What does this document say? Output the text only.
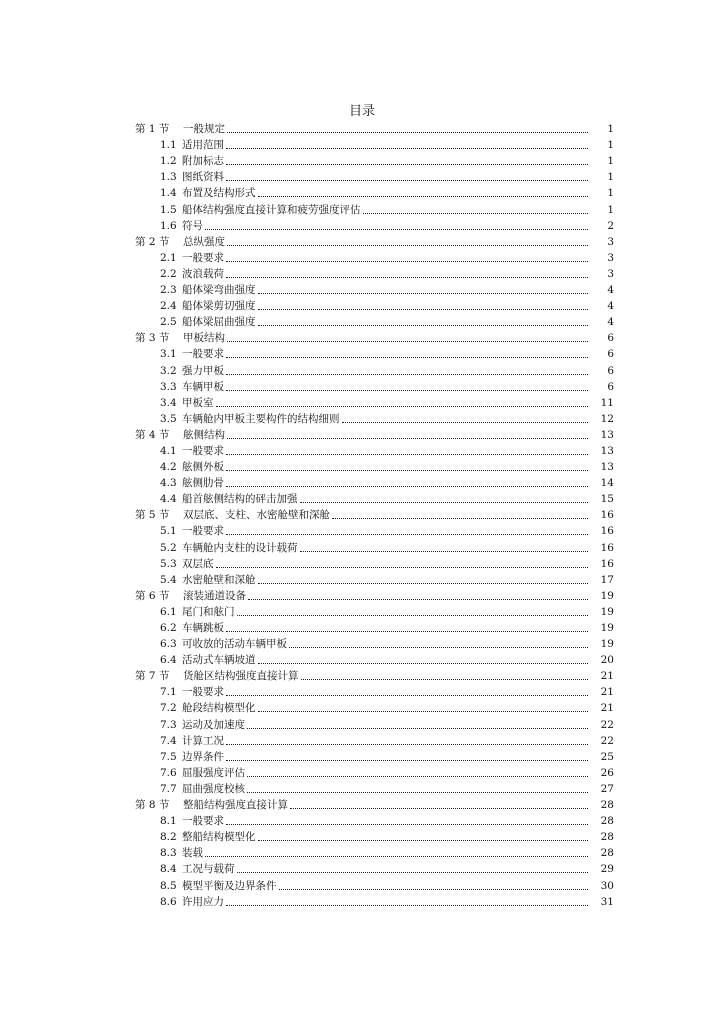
目录
第 1 节	一般规定	1
1.1 适用范围	1
1.2 附加标志	1
1.3 图纸资料	1
1.4 布置及结构形式	1
1.5 船体结构强度直接计算和疲劳强度评估	1
1.6 符号	2
第 2 节	总纵强度	3
2.1 一般要求	3
2.2 波浪载荷	3
2.3 船体梁弯曲强度	4
2.4 船体梁剪切强度	4
2.5 船体梁屈曲强度	4
第 3 节	甲板结构	6
3.1 一般要求	6
3.2 强力甲板	6
3.3 车辆甲板	6
3.4 甲板室	11
3.5 车辆舱内甲板主要构件的结构细则	12
第 4 节	舷侧结构	13
4.1 一般要求	13
4.2 舷侧外板	13
4.3 舷侧肋骨	14
4.4 船首舷侧结构的砰击加强	15
第 5 节	双层底、支柱、水密舱壁和深舱	16
5.1 一般要求	16
5.2 车辆舱内支柱的设计载荷	16
5.3 双层底	16
5.4 水密舱壁和深舱	17
第 6 节	滚装通道设备	19
6.1 尾门和舷门	19
6.2 车辆跳板	19
6.3 可收放的活动车辆甲板	19
6.4 活动式车辆坡道	20
第 7 节	货舱区结构强度直接计算	21
7.1 一般要求	21
7.2 舱段结构模型化	21
7.3 运动及加速度	22
7.4 计算工况	22
7.5 边界条件	25
7.6 屈服强度评估	26
7.7 屈曲强度校核	27
第 8 节	整船结构强度直接计算	28
8.1 一般要求	28
8.2 整船结构模型化	28
8.3 装载	28
8.4 工况与载荷	29
8.5 模型平衡及边界条件	30
8.6 许用应力	31
